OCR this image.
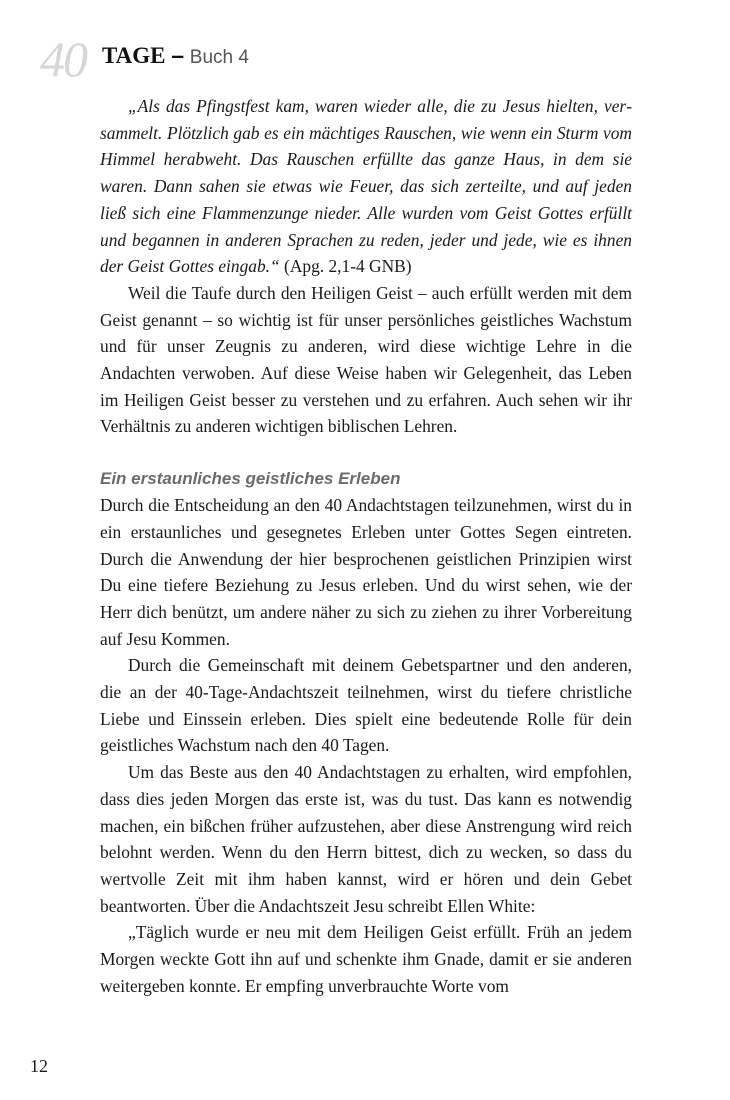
40 TAGE – Buch 4

„Als das Pfingstfest kam, waren wieder alle, die zu Jesus hielten, versammelt. Plötzlich gab es ein mächtiges Rauschen, wie wenn ein Sturm vom Himmel herabweht. Das Rauschen erfüllte das ganze Haus, in dem sie waren. Dann sahen sie etwas wie Feuer, das sich zerteilte, und auf jeden ließ sich eine Flammenzunge nieder. Alle wurden vom Geist Gottes erfüllt und begannen in anderen Sprachen zu reden, jeder und jede, wie es ihnen der Geist Gottes eingab.“ (Apg. 2,1-4 GNB)

Weil die Taufe durch den Heiligen Geist – auch erfüllt werden mit dem Geist genannt – so wichtig ist für unser persönliches geistliches Wachstum und für unser Zeugnis zu anderen, wird diese wichtige Lehre in die Andachten verwoben. Auf diese Weise haben wir Gelegenheit, das Leben im Heiligen Geist besser zu verstehen und zu erfahren. Auch sehen wir ihr Verhältnis zu anderen wichtigen biblischen Lehren.

Ein erstaunliches geistliches Erleben

Durch die Entscheidung an den 40 Andachtstagen teilzunehmen, wirst du in ein erstaunliches und gesegnetes Erleben unter Gottes Segen eintreten. Durch die Anwendung der hier besprochenen geistlichen Prinzipien wirst Du eine tiefere Beziehung zu Jesus erleben. Und du wirst sehen, wie der Herr dich benützt, um andere näher zu sich zu ziehen zu ihrer Vorbereitung auf Jesu Kommen.

Durch die Gemeinschaft mit deinem Gebetspartner und den anderen, die an der 40-Tage-Andachtszeit teilnehmen, wirst du tiefere christliche Liebe und Einssein erleben. Dies spielt eine bedeutende Rolle für dein geistliches Wachstum nach den 40 Tagen.

Um das Beste aus den 40 Andachtstagen zu erhalten, wird empfohlen, dass dies jeden Morgen das erste ist, was du tust. Das kann es notwendig machen, ein bißchen früher aufzustehen, aber diese Anstrengung wird reich belohnt werden. Wenn du den Herrn bittest, dich zu wecken, so dass du wertvolle Zeit mit ihm haben kannst, wird er hören und dein Gebet beantworten. Über die Andachtszeit Jesu schreibt Ellen White:

„Täglich wurde er neu mit dem Heiligen Geist erfüllt. Früh an jedem Morgen weckte Gott ihn auf und schenkte ihm Gnade, damit er sie anderen weitergeben konnte. Er empfing unverbrauchte Worte vom

12
